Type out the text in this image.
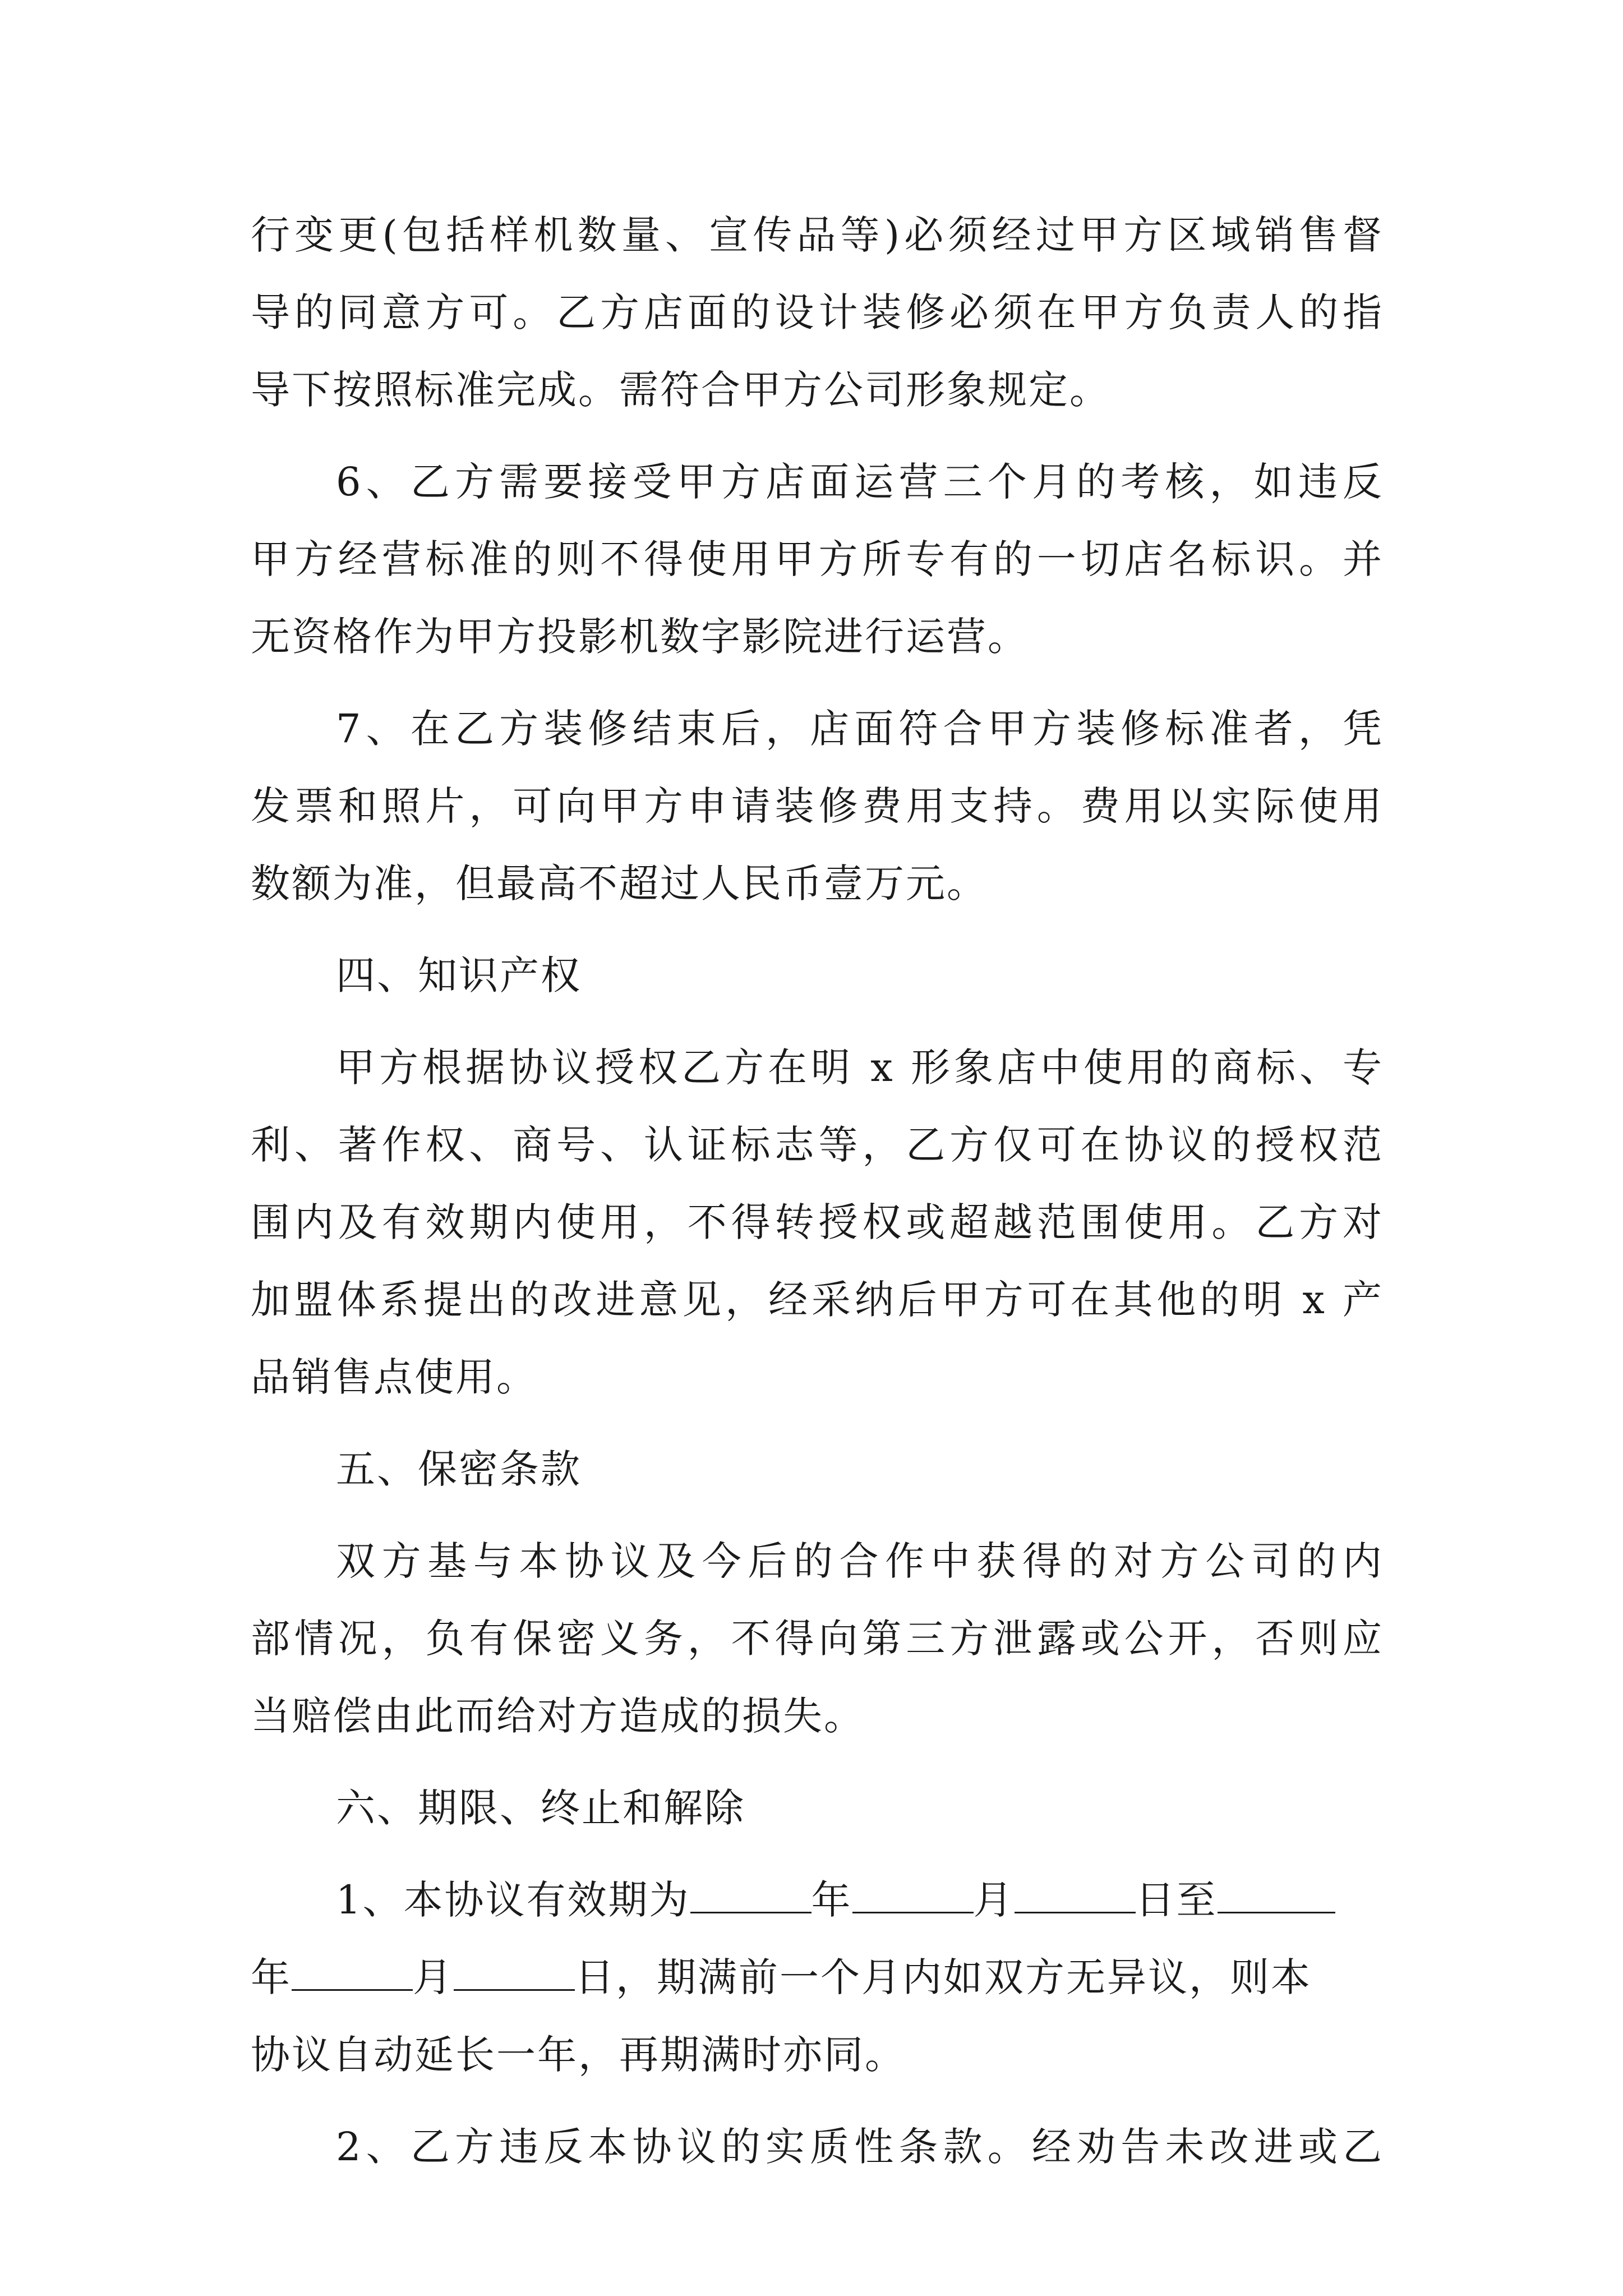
行变更(包括样机数量、宣传品等)必须经过甲方区域销售督
导的同意方可。乙方店面的设计装修必须在甲方负责人的指
导下按照标准完成。需符合甲方公司形象规定。
6、乙方需要接受甲方店面运营三个月的考核，如违反
甲方经营标准的则不得使用甲方所专有的一切店名标识。并
无资格作为甲方投影机数字影院进行运营。
7、在乙方装修结束后，店面符合甲方装修标准者，凭
发票和照片，可向甲方申请装修费用支持。费用以实际使用
数额为准，但最高不超过人民币壹万元。
四、知识产权
甲方根据协议授权乙方在明 x 形象店中使用的商标、专
利、著作权、商号、认证标志等，乙方仅可在协议的授权范
围内及有效期内使用，不得转授权或超越范围使用。乙方对
加盟体系提出的改进意见，经采纳后甲方可在其他的明 x 产
品销售点使用。
五、保密条款
双方基与本协议及今后的合作中获得的对方公司的内
部情况，负有保密义务，不得向第三方泄露或公开，否则应
当赔偿由此而给对方造成的损失。
六、期限、终止和解除
1、本协议有效期为	年	月	日至
年	月	日，期满前一个月内如双方无异议，则本
协议自动延长一年，再期满时亦同。
2、乙方违反本协议的实质性条款。经劝告未改进或乙
